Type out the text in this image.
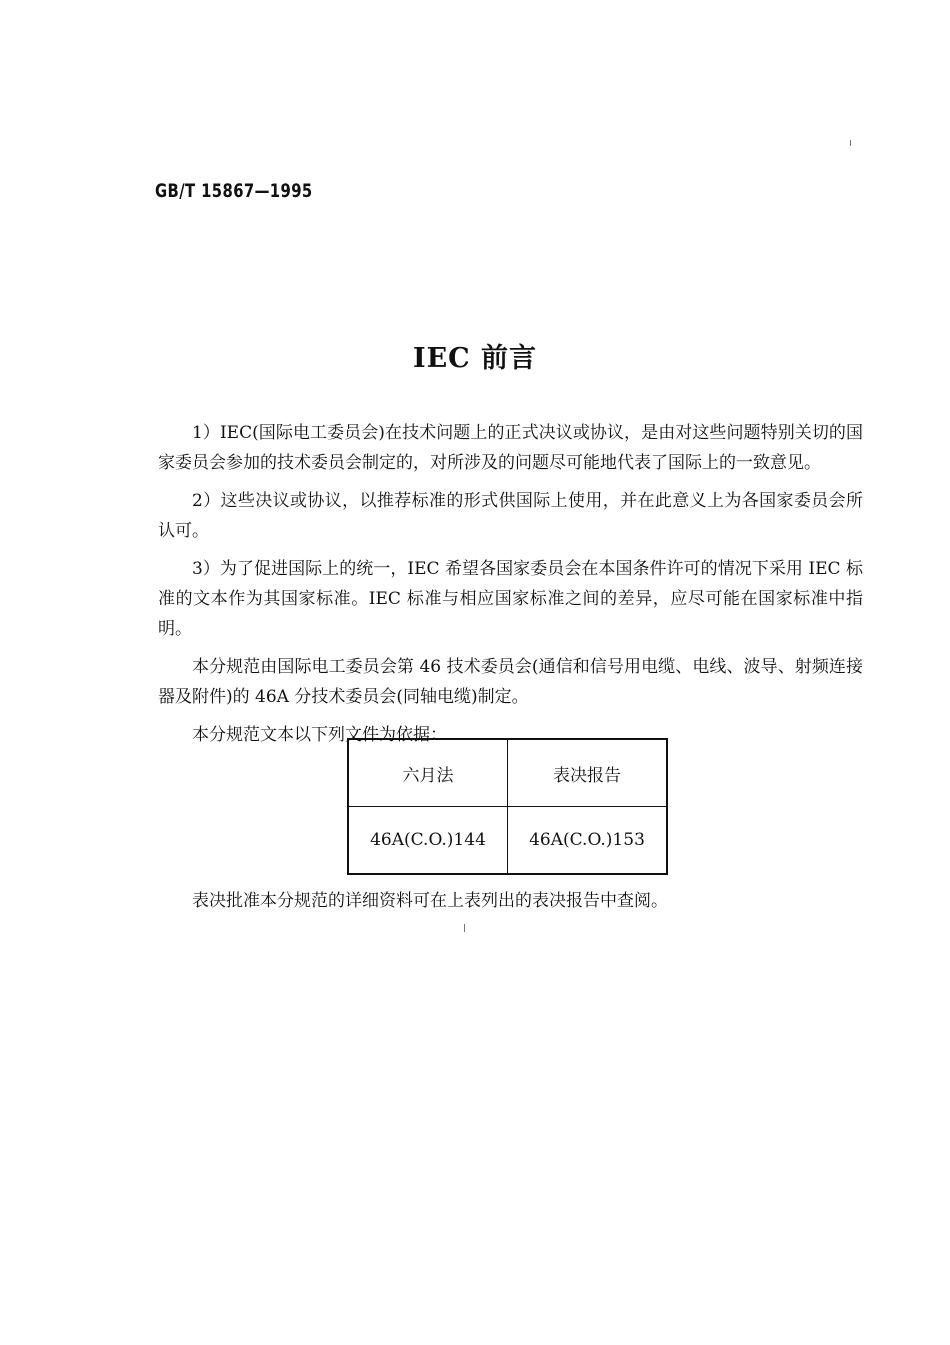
GB/T 15867—1995
IEC 前言

1）IEC(国际电工委员会)在技术问题上的正式决议或协议，是由对这些问题特别关切的国家委员会参加的技术委员会制定的，对所涉及的问题尽可能地代表了国际上的一致意见。

2）这些决议或协议，以推荐标准的形式供国际上使用，并在此意义上为各国家委员会所认可。

3）为了促进国际上的统一，IEC 希望各国家委员会在本国条件许可的情况下采用 IEC 标准的文本作为其国家标准。IEC 标准与相应国家标准之间的差异，应尽可能在国家标准中指明。

本分规范由国际电工委员会第 46 技术委员会(通信和信号用电缆、电线、波导、射频连接器及附件)的 46A 分技术委员会(同轴电缆)制定。

本分规范文本以下列文件为依据：

六月法	表决报告
46A(C.O.)144	46A(C.O.)153
表决批准本分规范的详细资料可在上表列出的表决报告中查阅。
